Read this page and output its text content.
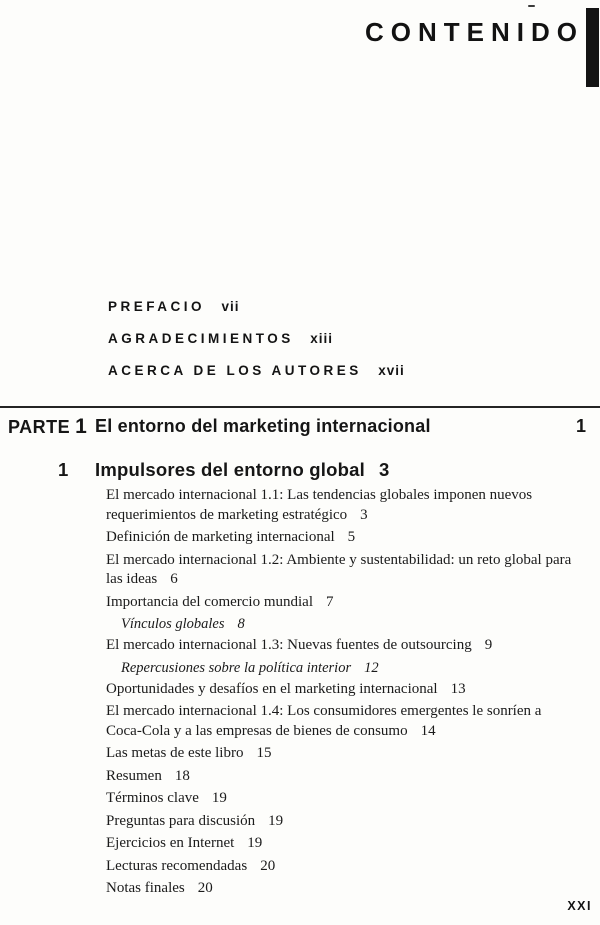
CONTENIDO
PREFACIO vii
AGRADECIMIENTOS xiii
ACERCA DE LOS AUTORES xvii
PARTE 1 El entorno del marketing internacional	1
1	Impulsores del entorno global 3
El mercado internacional 1.1: Las tendencias globales imponen nuevos requerimientos de marketing estratégico 3
Definición de marketing internacional 5
El mercado internacional 1.2: Ambiente y sustentabilidad: un reto global para las ideas 6
Importancia del comercio mundial 7
Vínculos globales 8
El mercado internacional 1.3: Nuevas fuentes de outsourcing 9
Repercusiones sobre la política interior 12
Oportunidades y desafíos en el marketing internacional 13
El mercado internacional 1.4: Los consumidores emergentes le sonríen a Coca-Cola y a las empresas de bienes de consumo 14
Las metas de este libro 15
Resumen 18
Términos clave 19
Preguntas para discusión 19
Ejercicios en Internet 19
Lecturas recomendadas 20
Notas finales 20
XXI
